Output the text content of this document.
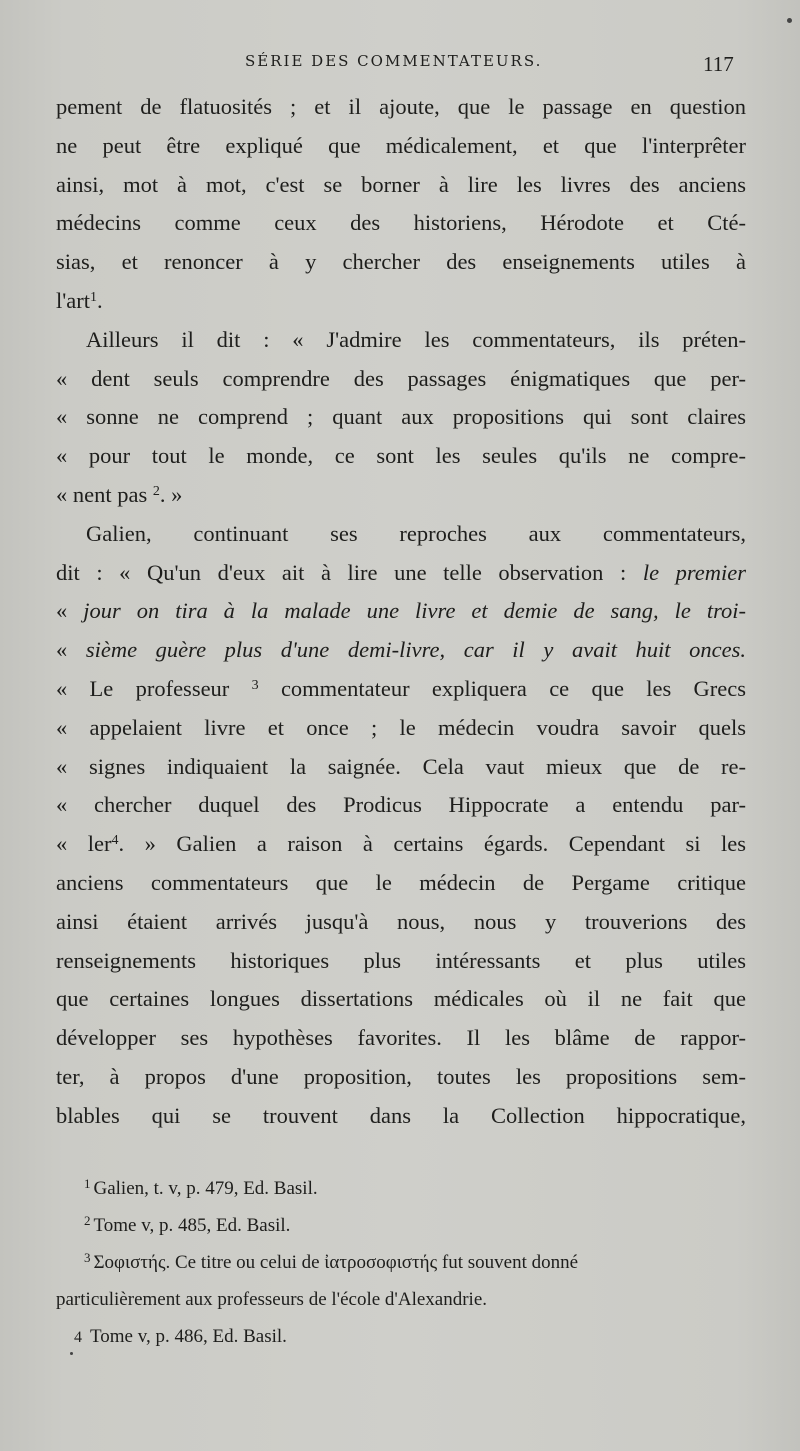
SÉRIE DES COMMENTATEURS.	117
pement de flatuosités ; et il ajoute, que le passage en question
ne peut être expliqué que médicalement, et que l'interprêter
ainsi, mot à mot, c'est se borner à lire les livres des anciens
médecins comme ceux des historiens, Hérodote et Cté-
sias, et renoncer à y chercher des enseignements utiles à
l'art$^1$.
Ailleurs il dit : « J'admire les commentateurs, ils préten-
« dent seuls comprendre des passages énigmatiques que per-
« sonne ne comprend ; quant aux propositions qui sont claires
« pour tout le monde, ce sont les seules qu'ils ne compre-
« nent pas $^2$. »
Galien, continuant ses reproches aux commentateurs,
dit : « Qu'un d'eux ait à lire une telle observation : le premier
« jour on tira à la malade une livre et demie de sang, le troi-
« sième guère plus d'une demi-livre, car il y avait huit onces.
« Le professeur $^3$ commentateur expliquera ce que les Grecs
« appelaient livre et once ; le médecin voudra savoir quels
« signes indiquaient la saignée. Cela vaut mieux que de re-
« chercher duquel des Prodicus Hippocrate a entendu par-
« ler$^4$. » Galien a raison à certains égards. Cependant si les
anciens commentateurs que le médecin de Pergame critique
ainsi étaient arrivés jusqu'à nous, nous y trouverions des
renseignements historiques plus intéressants et plus utiles
que certaines longues dissertations médicales où il ne fait que
développer ses hypothèses favorites. Il les blâme de rappor-
ter, à propos d'une proposition, toutes les propositions sem-
blables qui se trouvent dans la Collection hippocratique,
$^1$ Galien, t. v, p. 479, Ed. Basil.
$^2$ Tome v, p. 485, Ed. Basil.
$^3$ Σοφιστής. Ce titre ou celui de ἰατροσοφιστής fut souvent donné
particulièrement aux professeurs de l'école d'Alexandrie.
4 Tome v, p. 486, Ed. Basil.
